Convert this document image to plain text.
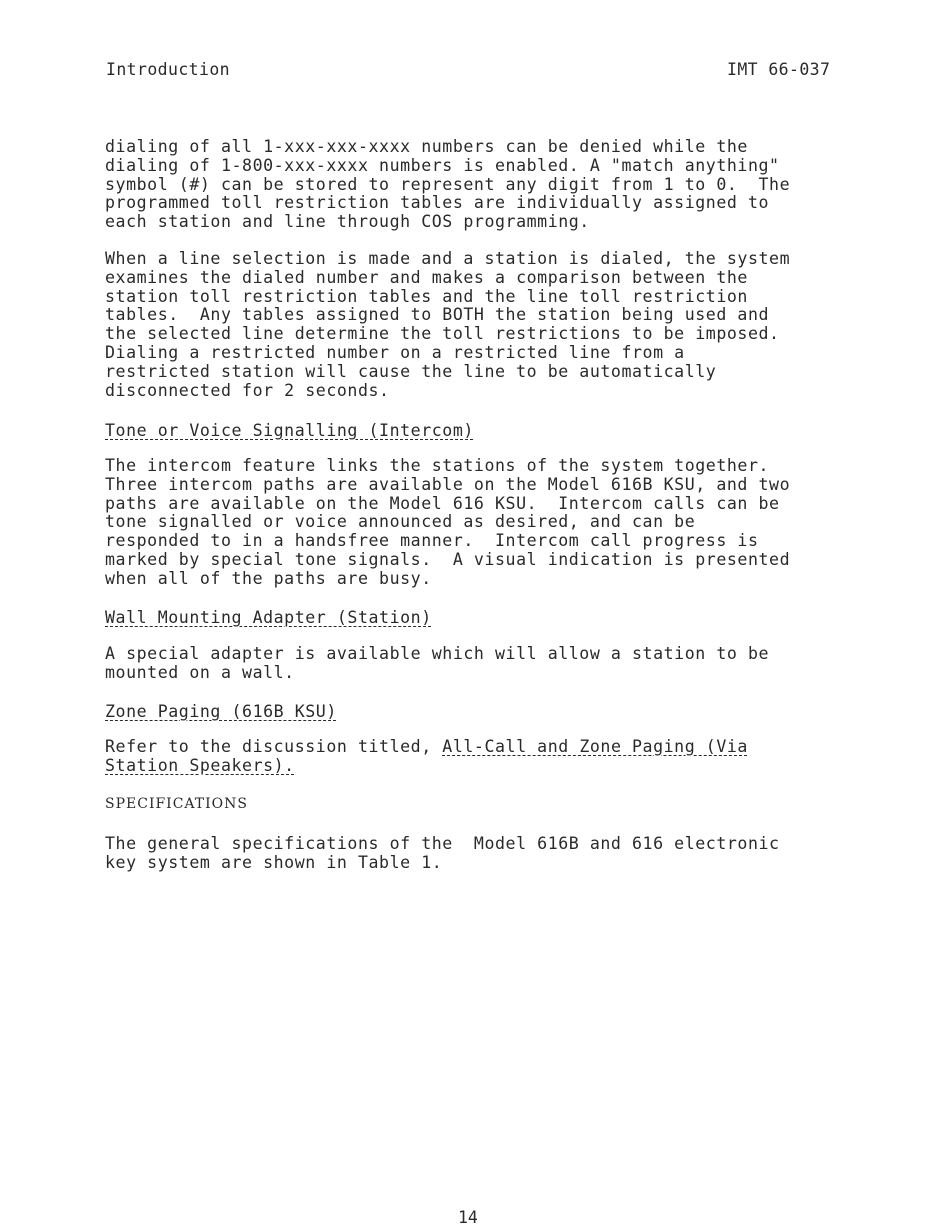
Introduction	IMT 66-037
dialing of all 1-xxx-xxx-xxxx numbers can be denied while the
dialing of 1-800-xxx-xxxx numbers is enabled. A "match anything"
symbol (#) can be stored to represent any digit from 1 to 0.  The
programmed toll restriction tables are individually assigned to
each station and line through COS programming.
When a line selection is made and a station is dialed, the system
examines the dialed number and makes a comparison between the
station toll restriction tables and the line toll restriction
tables.  Any tables assigned to BOTH the station being used and
the selected line determine the toll restrictions to be imposed.
Dialing a restricted number on a restricted line from a
restricted station will cause the line to be automatically
disconnected for 2 seconds.
Tone or Voice Signalling (Intercom)
The intercom feature links the stations of the system together.
Three intercom paths are available on the Model 616B KSU, and two
paths are available on the Model 616 KSU.  Intercom calls can be
tone signalled or voice announced as desired, and can be
responded to in a handsfree manner.  Intercom call progress is
marked by special tone signals.  A visual indication is presented
when all of the paths are busy.
Wall Mounting Adapter (Station)
A special adapter is available which will allow a station to be
mounted on a wall.
Zone Paging (616B KSU)
Refer to the discussion titled, All-Call and Zone Paging (Via
Station Speakers).
SPECIFICATIONS
The general specifications of the  Model 616B and 616 electronic
key system are shown in Table 1.
14
